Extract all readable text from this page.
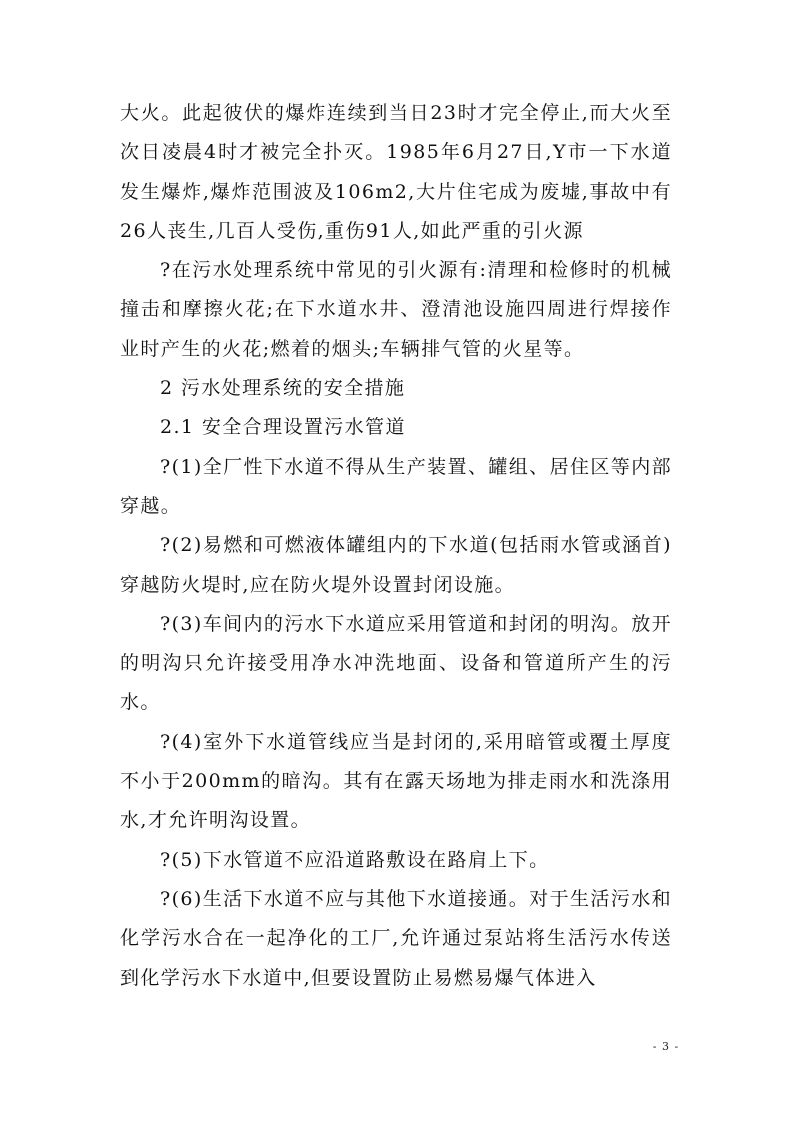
大火。此起彼伏的爆炸连续到当日23时才完全停止,而大火至次日凌晨4时才被完全扑灭。1985年6月27日,Y市一下水道发生爆炸,爆炸范围波及106m2,大片住宅成为废墟,事故中有26人丧生,几百人受伤,重伤91人,如此严重的引火源

?在污水处理系统中常见的引火源有:清理和检修时的机械撞击和摩擦火花;在下水道水井、澄清池设施四周进行焊接作业时产生的火花;燃着的烟头;车辆排气管的火星等。

2 污水处理系统的安全措施

2.1 安全合理设置污水管道

?(1)全厂性下水道不得从生产装置、罐组、居住区等内部穿越。

?(2)易燃和可燃液体罐组内的下水道(包括雨水管或涵首)穿越防火堤时,应在防火堤外设置封闭设施。

?(3)车间内的污水下水道应采用管道和封闭的明沟。放开的明沟只允许接受用净水冲洗地面、设备和管道所产生的污水。

?(4)室外下水道管线应当是封闭的,采用暗管或覆土厚度不小于200mm的暗沟。其有在露天场地为排走雨水和洗涤用水,才允许明沟设置。

?(5)下水管道不应沿道路敷设在路肩上下。

?(6)生活下水道不应与其他下水道接通。对于生活污水和化学污水合在一起净化的工厂,允许通过泵站将生活污水传送到化学污水下水道中,但要设置防止易燃易爆气体进入

- 3 -
